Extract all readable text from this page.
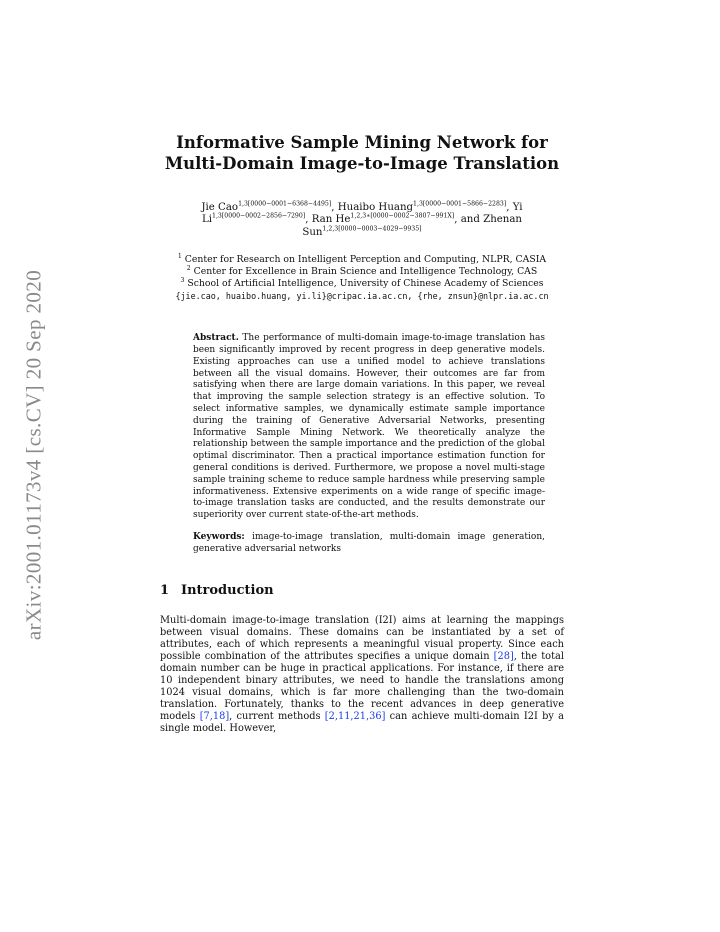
arXiv:2001.01173v4 [cs.CV] 20 Sep 2020
Informative Sample Mining Network for
Multi-Domain Image-to-Image Translation
Jie Cao$^{1,3[0000-0001-6368-4495]}$, Huaibo Huang$^{1,3[0000-0001-5866-2283]}$, Yi
$Li^{1,3[0000-0002-2856-7290]}$, Ran $He^{1,2,3∗[0000-0002-3807-991X]}$, and Zhenan
Sun$^{1,2,3[0000-0003-4029-9935]}$
$^1$ Center for Research on Intelligent Perception and Computing, NLPR, CASIA
$^2$ Center for Excellence in Brain Science and Intelligence Technology, CAS
$^3$ School of Artificial Intelligence, University of Chinese Academy of Sciences
{jie.cao, huaibo.huang, yi.li}@cripac.ia.ac.cn, {rhe, znsun}@nlpr.ia.ac.cn
Abstract. The performance of multi-domain image-to-image translation has been significantly improved by recent progress in deep generative models. Existing approaches can use a unified model to achieve translations between all the visual domains. However, their outcomes are far from satisfying when there are large domain variations. In this paper, we reveal that improving the sample selection strategy is an effective solution. To select informative samples, we dynamically estimate sample importance during the training of Generative Adversarial Networks, presenting Informative Sample Mining Network. We theoretically analyze the relationship between the sample importance and the prediction of the global optimal discriminator. Then a practical importance estimation function for general conditions is derived. Furthermore, we propose a novel multi-stage sample training scheme to reduce sample hardness while preserving sample informativeness. Extensive experiments on a wide range of specific image-to-image translation tasks are conducted, and the results demonstrate our superiority over current state-of-the-art methods.
Keywords: image-to-image translation, multi-domain image generation, generative adversarial networks
1 Introduction
Multi-domain image-to-image translation (I2I) aims at learning the mappings between visual domains. These domains can be instantiated by a set of attributes, each of which represents a meaningful visual property. Since each possible combination of the attributes specifies a unique domain [28], the total domain number can be huge in practical applications. For instance, if there are 10 independent binary attributes, we need to handle the translations among 1024 visual domains, which is far more challenging than the two-domain translation. Fortunately, thanks to the recent advances in deep generative models [7,18], current methods [2,11,21,36] can achieve multi-domain I2I by a single model. However,
